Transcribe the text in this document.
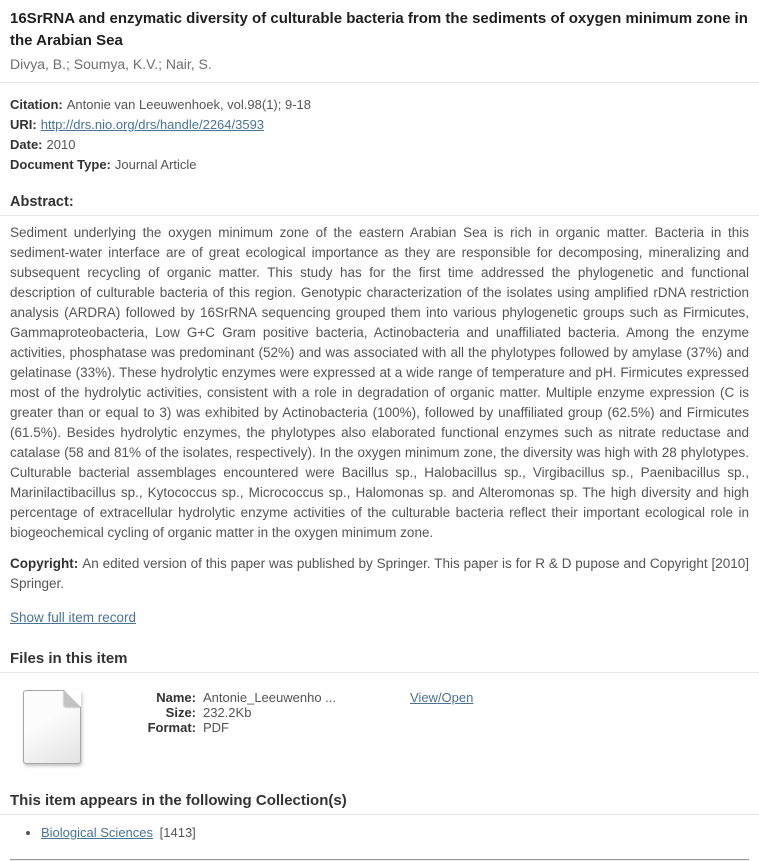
16SrRNA and enzymatic diversity of culturable bacteria from the sediments of oxygen minimum zone in the Arabian Sea
Divya, B.; Soumya, K.V.; Nair, S.
Citation: Antonie van Leeuwenhoek, vol.98(1); 9-18
URI: http://drs.nio.org/drs/handle/2264/3593
Date: 2010
Document Type: Journal Article
Abstract:

Sediment underlying the oxygen minimum zone of the eastern Arabian Sea is rich in organic matter. Bacteria in this sediment-water interface are of great ecological importance as they are responsible for decomposing, mineralizing and subsequent recycling of organic matter. This study has for the first time addressed the phylogenetic and functional description of culturable bacteria of this region. Genotypic characterization of the isolates using amplified rDNA restriction analysis (ARDRA) followed by 16SrRNA sequencing grouped them into various phylogenetic groups such as Firmicutes, Gammaproteobacteria, Low G+C Gram positive bacteria, Actinobacteria and unaffiliated bacteria. Among the enzyme activities, phosphatase was predominant (52%) and was associated with all the phylotypes followed by amylase (37%) and gelatinase (33%). These hydrolytic enzymes were expressed at a wide range of temperature and pH. Firmicutes expressed most of the hydrolytic activities, consistent with a role in degradation of organic matter. Multiple enzyme expression (C is greater than or equal to 3) was exhibited by Actinobacteria (100%), followed by unaffiliated group (62.5%) and Firmicutes (61.5%). Besides hydrolytic enzymes, the phylotypes also elaborated functional enzymes such as nitrate reductase and catalase (58 and 81% of the isolates, respectively). In the oxygen minimum zone, the diversity was high with 28 phylotypes. Culturable bacterial assemblages encountered were Bacillus sp., Halobacillus sp., Virgibacillus sp., Paenibacillus sp., Marinilactibacillus sp., Kytococcus sp., Micrococcus sp., Halomonas sp. and Alteromonas sp. The high diversity and high percentage of extracellular hydrolytic enzyme activities of the culturable bacteria reflect their important ecological role in biogeochemical cycling of organic matter in the oxygen minimum zone.

Copyright: An edited version of this paper was published by Springer. This paper is for R & D pupose and Copyright [2010] Springer.

Show full item record
Files in this item
Name: Antonie_Leeuwenho ...
Size: 232.2Kb
Format: PDF
View/Open
This item appears in the following Collection(s)
• Biological Sciences [1413]
